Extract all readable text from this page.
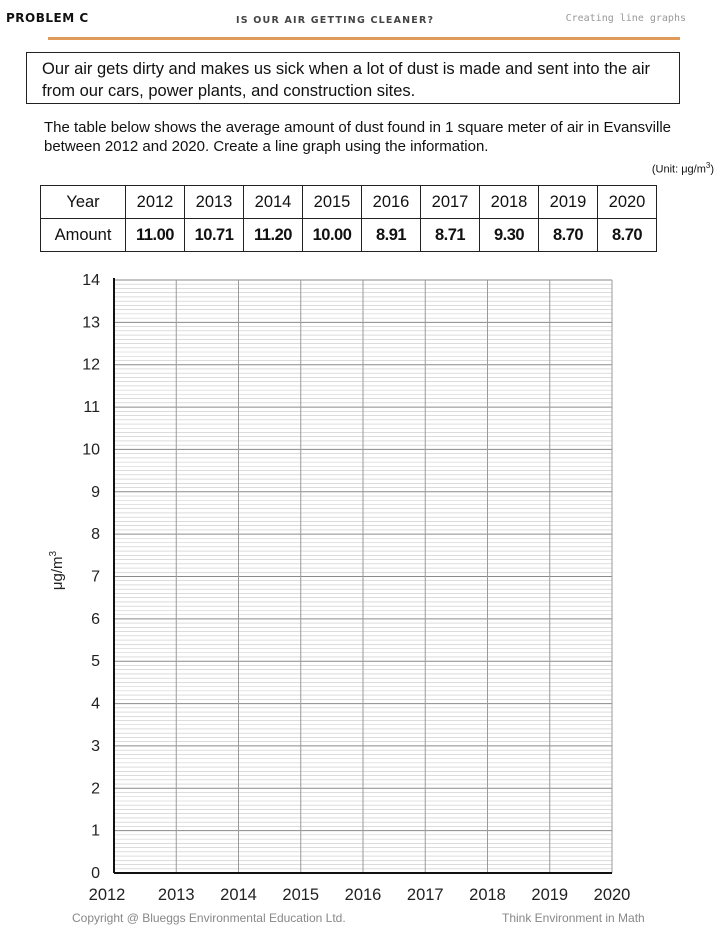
PROBLEM C	IS OUR AIR GETTING CLEANER?	Creating line graphs
Our air gets dirty and makes us sick when a lot of dust is made and sent into the air from our cars, power plants, and construction sites.
The table below shows the average amount of dust found in 1 square meter of air in Evansville between 2012 and 2020. Create a line graph using the information.
(Unit: $\mu g/m^3$)
Year	2012	2013	2014	2015	2016	2017	2018	2019	2020
Amount	11.00	10.71	11.20	10.00	8.91	8.71	9.30	8.70	8.70
0
1
2
3
4
5
6
7
8
9
10
11
12
13
14
2012 2013 2014 2015 2016 2017 2018 2019 2020
$\mu g/m^3$
Copyright @ Blueggs Environmental Education Ltd.	Think Environment in Math
